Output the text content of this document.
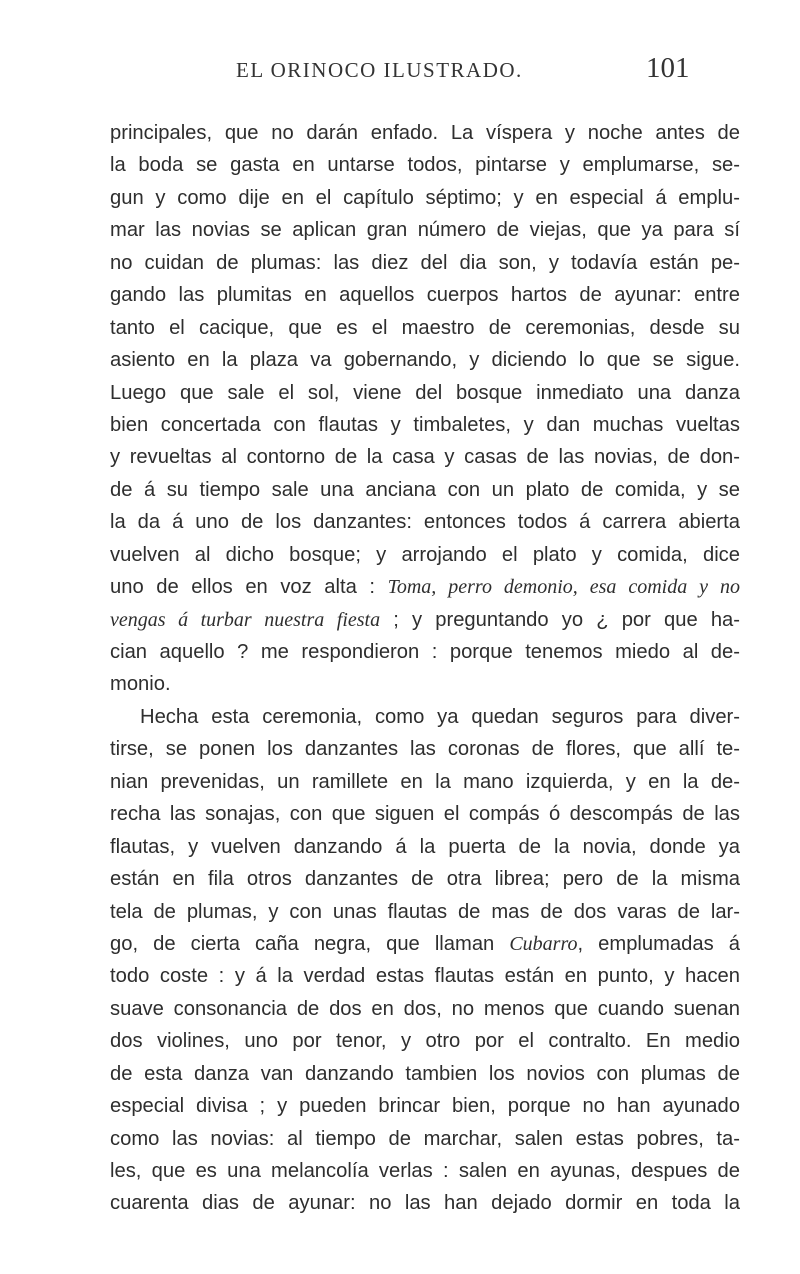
EL ORINOCO ILUSTRADO.	101
principales, que no darán enfado. La víspera y noche antes de
la boda se gasta en untarse todos, pintarse y emplumarse, se-
gun y como dije en el capítulo séptimo; y en especial á emplu-
mar las novias se aplican gran número de viejas, que ya para sí
no cuidan de plumas: las diez del dia son, y todavía están pe-
gando las plumitas en aquellos cuerpos hartos de ayunar: entre
tanto el cacique, que es el maestro de ceremonias, desde su
asiento en la plaza va gobernando, y diciendo lo que se sigue.
Luego que sale el sol, viene del bosque inmediato una danza
bien concertada con flautas y timbaletes, y dan muchas vueltas
y revueltas al contorno de la casa y casas de las novias, de don-
de á su tiempo sale una anciana con un plato de comida, y se
la da á uno de los danzantes: entonces todos á carrera abierta
vuelven al dicho bosque; y arrojando el plato y comida, dice
uno de ellos en voz alta : Toma, perro demonio, esa comida y no
vengas á turbar nuestra fiesta ; y preguntando yo ¿ por que ha-
cian aquello ? me respondieron : porque tenemos miedo al de-
monio.
Hecha esta ceremonia, como ya quedan seguros para diver-
tirse, se ponen los danzantes las coronas de flores, que allí te-
nian prevenidas, un ramillete en la mano izquierda, y en la de-
recha las sonajas, con que siguen el compás ó descompás de las
flautas, y vuelven danzando á la puerta de la novia, donde ya
están en fila otros danzantes de otra librea; pero de la misma
tela de plumas, y con unas flautas de mas de dos varas de lar-
go, de cierta caña negra, que llaman Cubarro, emplumadas á
todo coste : y á la verdad estas flautas están en punto, y hacen
suave consonancia de dos en dos, no menos que cuando suenan
dos violines, uno por tenor, y otro por el contralto. En medio
de esta danza van danzando tambien los novios con plumas de
especial divisa ; y pueden brincar bien, porque no han ayunado
como las novias: al tiempo de marchar, salen estas pobres, ta-
les, que es una melancolía verlas : salen en ayunas, despues de
cuarenta dias de ayunar: no las han dejado dormir en toda la
